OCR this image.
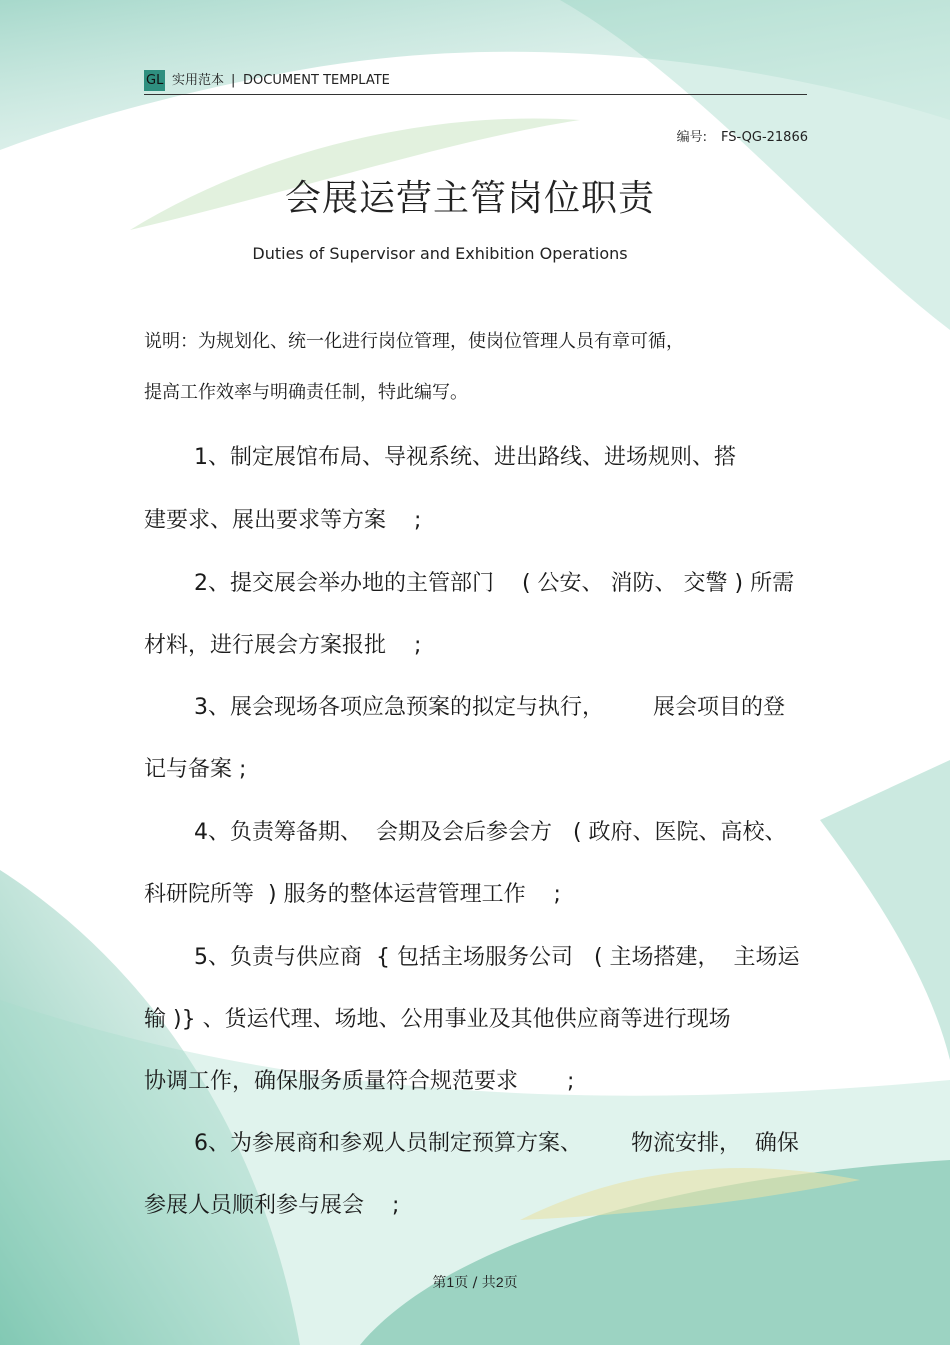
GL 实用范本 | DOCUMENT TEMPLATE
编号: FS-QG-21866
会展运营主管岗位职责
Duties of Supervisor and Exhibition Operations
说明：为规划化、统一化进行岗位管理，使岗位管理人员有章可循，
提高工作效率与明确责任制，特此编写。
1、制定展馆布局、导视系统、进出路线、进场规则、搭
建要求、展出要求等方案    ;
2、提交展会举办地的主管部门    ( 公安、 消防、 交警 ) 所需
材料，进行展会方案报批    ;
3、展会现场各项应急预案的拟定与执行，       展会项目的登
记与备案 ;
4、负责筹备期、  会期及会后参会方   ( 政府、医院、高校、
科研院所等  ) 服务的整体运营管理工作    ;
5、负责与供应商  { 包括主场服务公司   ( 主场搭建，  主场运
输 )} 、货运代理、场地、公用事业及其他供应商等进行现场
协调工作，确保服务质量符合规范要求       ;
6、为参展商和参观人员制定预算方案、       物流安排，  确保
参展人员顺利参与展会    ;
第1页 / 共2页
